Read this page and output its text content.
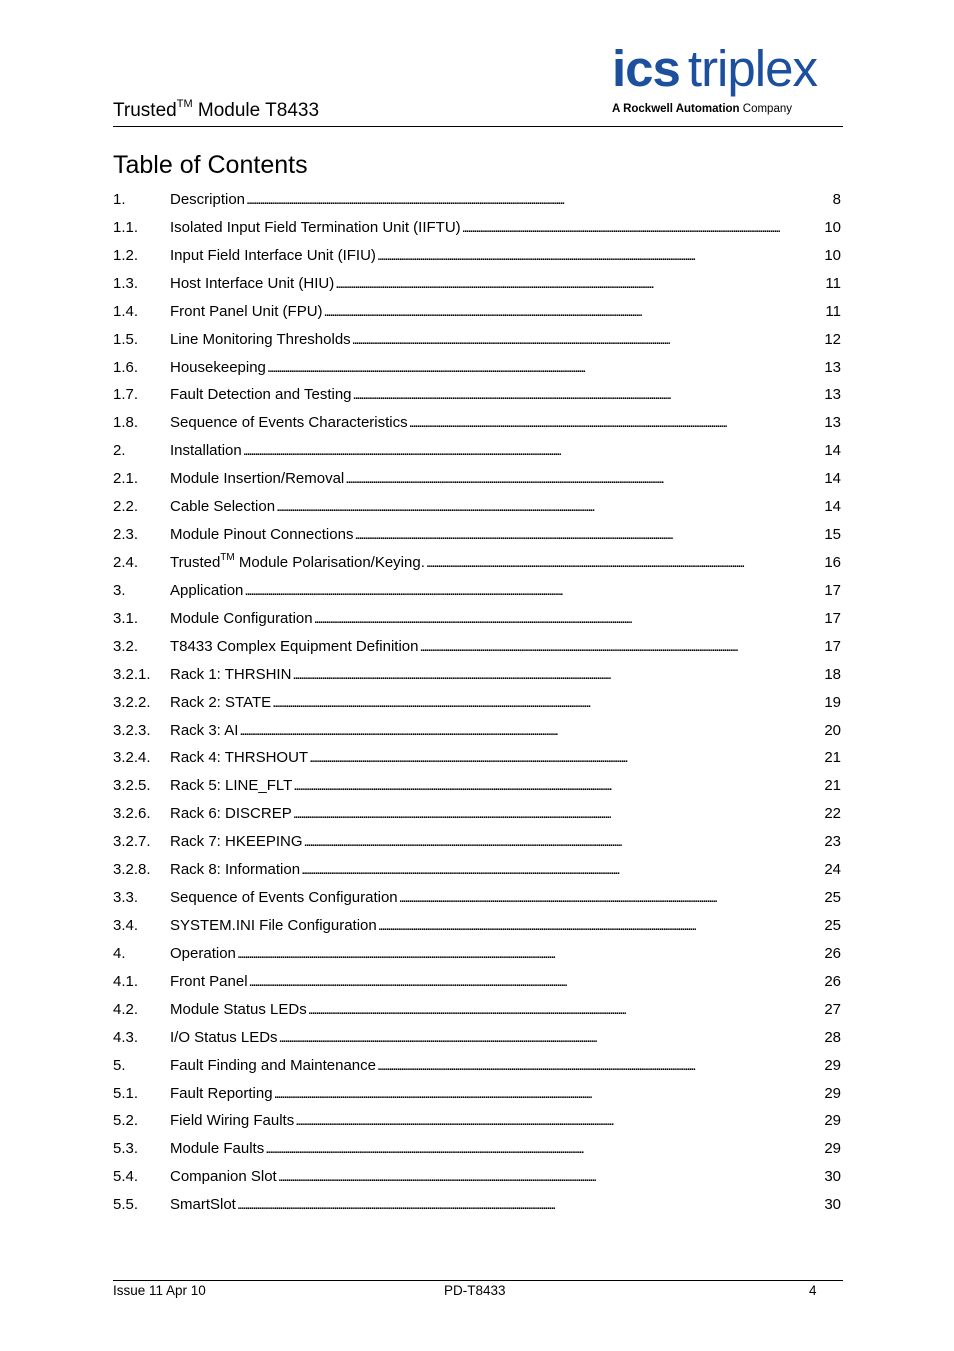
Trusted™ Module T8433
ics triplex
A Rockwell Automation Company
Table of Contents
1.	Description . . .	8
1.1. Isolated Input Field Termination Unit (IIFTU) . . .	10
1.2. Input Field Interface Unit (IFIU) . . .	10
1.3. Host Interface Unit (HIU) . . .	11
1.4. Front Panel Unit (FPU) . . .	11
1.5. Line Monitoring Thresholds . . .	12
1.6. Housekeeping . . .	13
1.7. Fault Detection and Testing . . .	13
1.8. Sequence of Events Characteristics . . .	13
2.	Installation . . .	14
2.1. Module Insertion/Removal . . .	14
2.2. Cable Selection . . .	14
2.3. Module Pinout Connections . . .	15
2.4. Trusted™ Module Polarisation/Keying. . . .	16
3.	Application . . .	17
3.1. Module Configuration . . .	17
3.2. T8433 Complex Equipment Definition . . .	17
3.2.1. Rack 1: THRSHIN . . .	18
3.2.2. Rack 2: STATE . . .	19
3.2.3. Rack 3: AI . . .	20
3.2.4. Rack 4: THRSHOUT . . .	21
3.2.5. Rack 5: LINE_FLT . . .	21
3.2.6. Rack 6: DISCREP . . .	22
3.2.7. Rack 7: HKEEPING . . .	23
3.2.8. Rack 8: Information . . .	24
3.3. Sequence of Events Configuration . . .	25
3.4. SYSTEM.INI File Configuration . . .	25
4.	Operation . . .	26
4.1. Front Panel . . .	26
4.2. Module Status LEDs . . .	27
4.3. I/O Status LEDs . . .	28
5.	Fault Finding and Maintenance . . .	29
5.1. Fault Reporting . . .	29
5.2. Field Wiring Faults . . .	29
5.3. Module Faults . . .	29
5.4. Companion Slot . . .	30
5.5. SmartSlot . . .	30
Issue 11 Apr 10	PD-T8433	4
